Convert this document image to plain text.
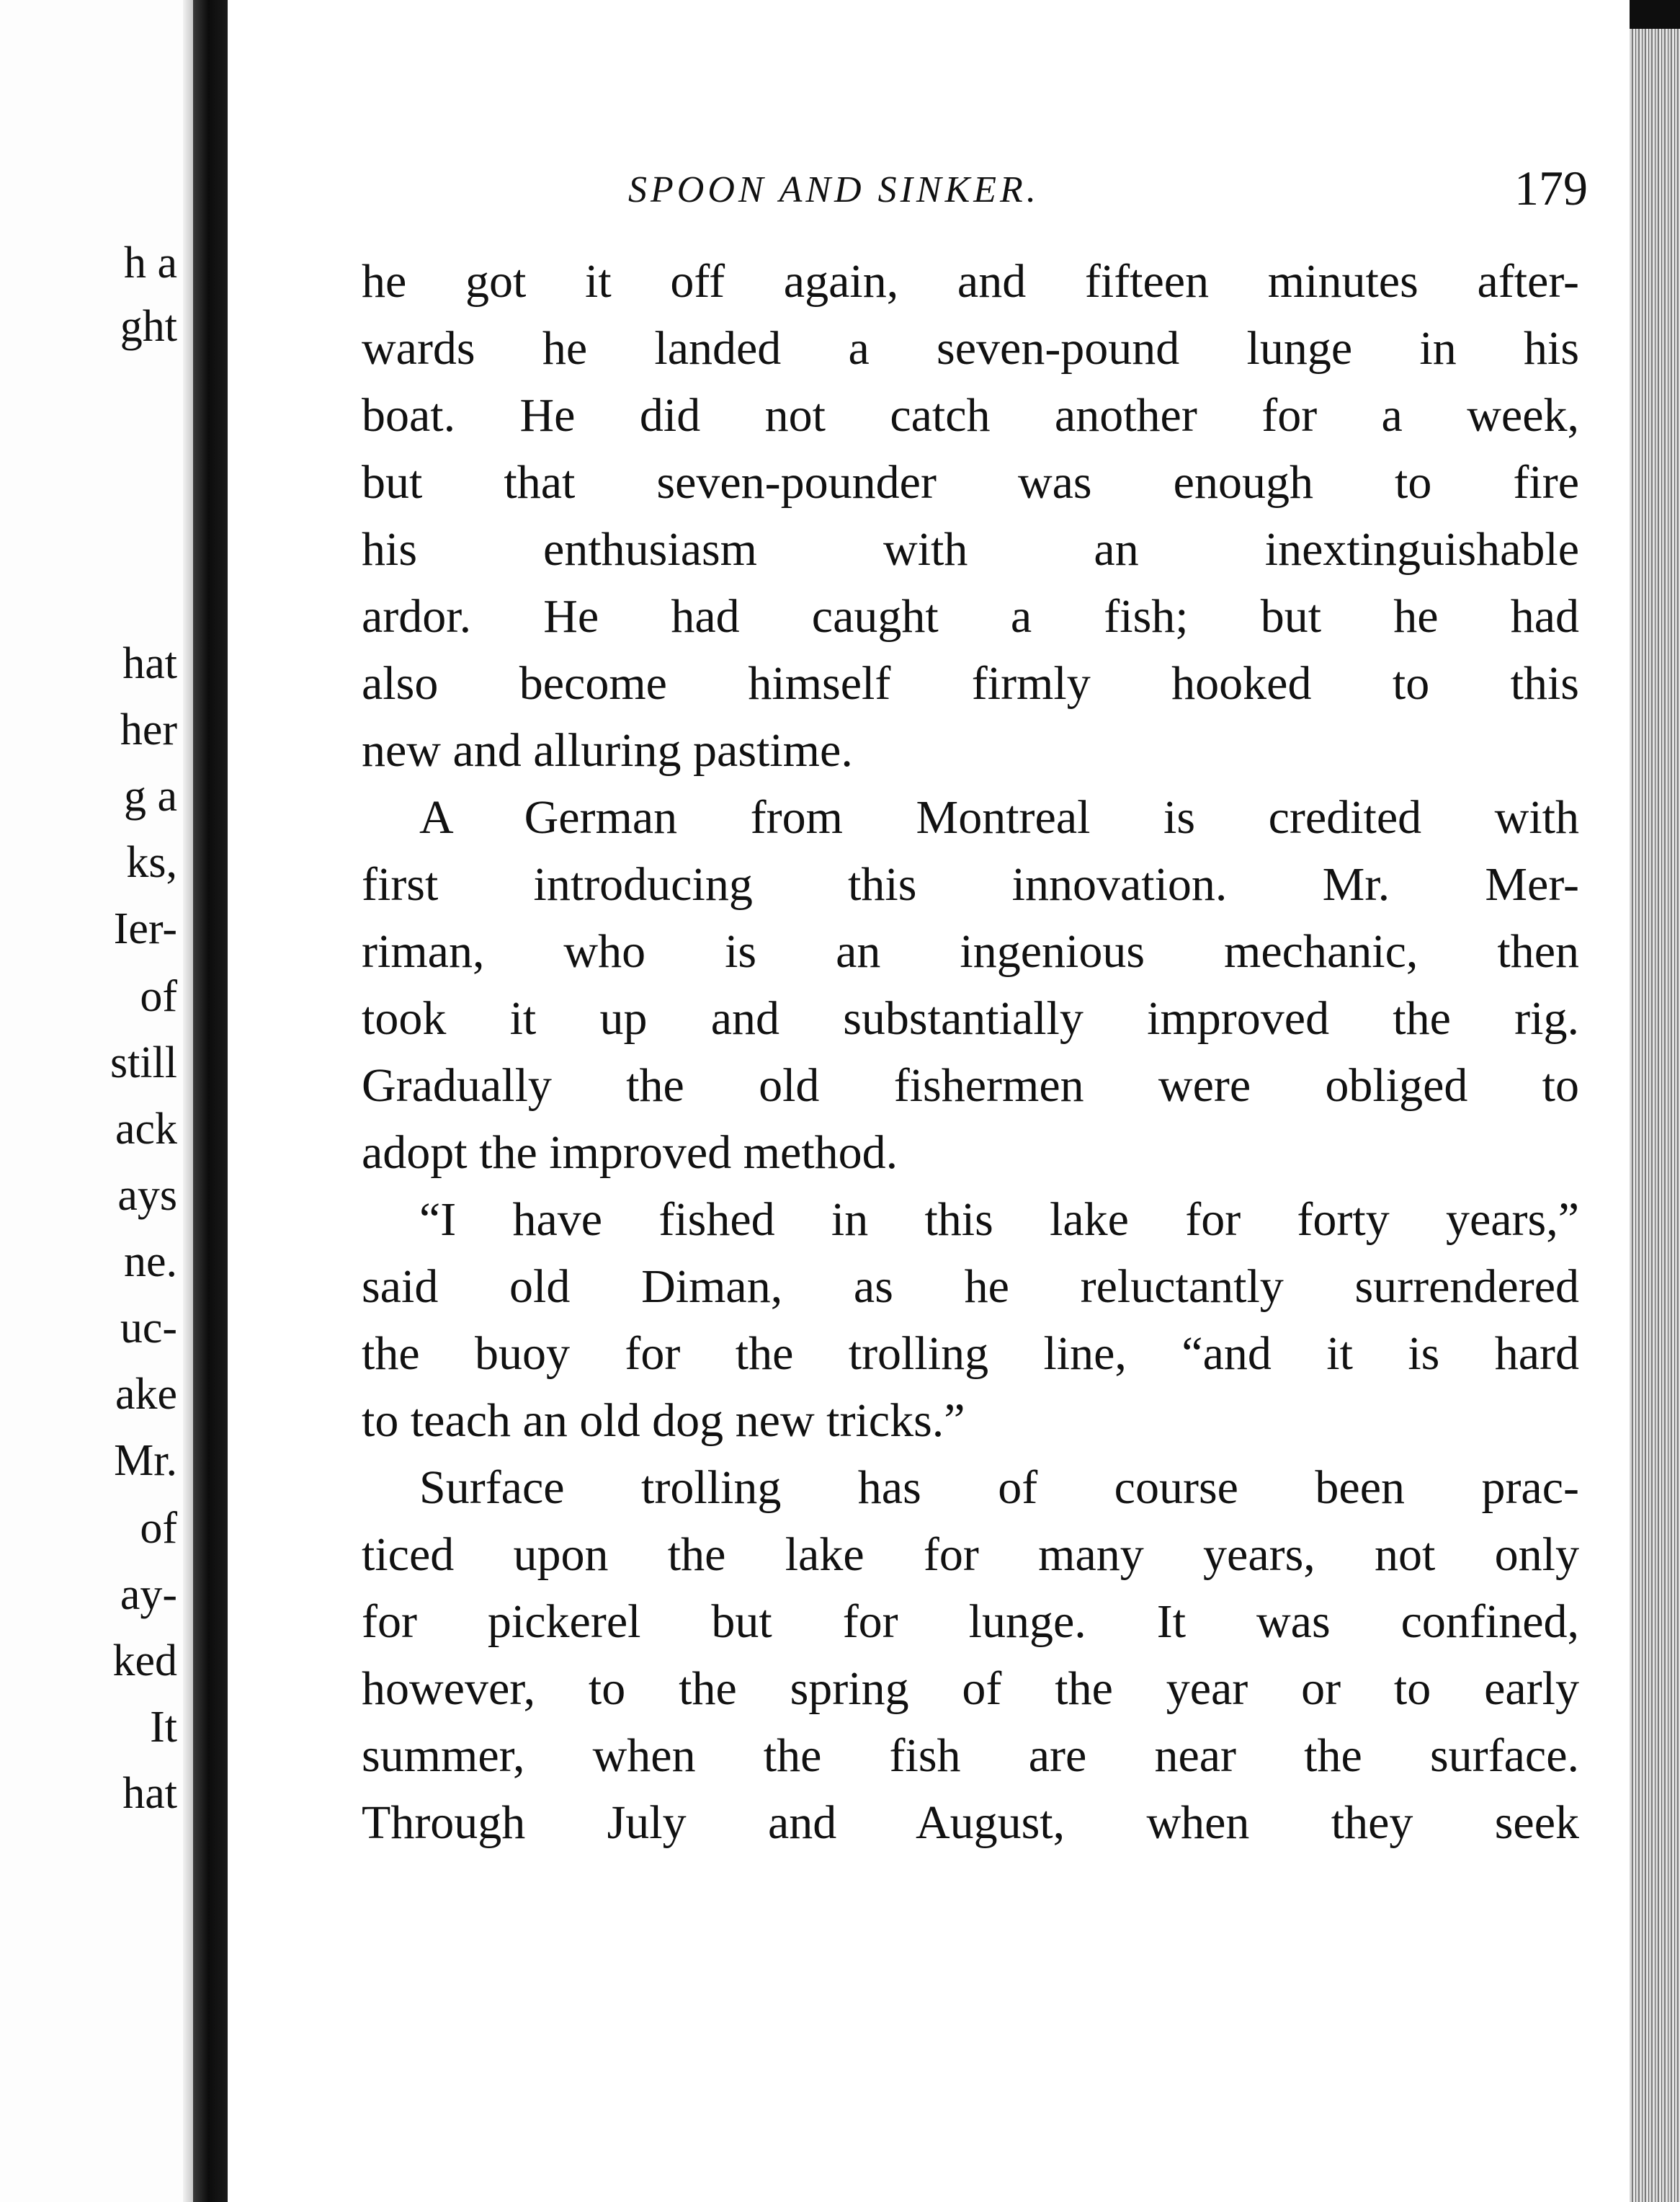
h a
ght
hat
her
g a
ks,
Ier-
of
still
ack
ays
ne.
uc-
ake
Mr.
of
ay-
ked
It
hat
SPOON AND SINKER.	179
he got it off again, and fifteen minutes after-
wards he landed a seven-pound lunge in his
boat. He did not catch another for a week,
but that seven-pounder was enough to fire
his enthusiasm with an inextinguishable
ardor. He had caught a fish; but he had
also become himself firmly hooked to this
new and alluring pastime.
A German from Montreal is credited with
first introducing this innovation. Mr. Mer-
riman, who is an ingenious mechanic, then
took it up and substantially improved the rig.
Gradually the old fishermen were obliged to
adopt the improved method.
“I have fished in this lake for forty years,”
said old Diman, as he reluctantly surrendered
the buoy for the trolling line, “and it is hard
to teach an old dog new tricks.”
Surface trolling has of course been prac-
ticed upon the lake for many years, not only
for pickerel but for lunge. It was confined,
however, to the spring of the year or to early
summer, when the fish are near the surface.
Through July and August, when they seek
